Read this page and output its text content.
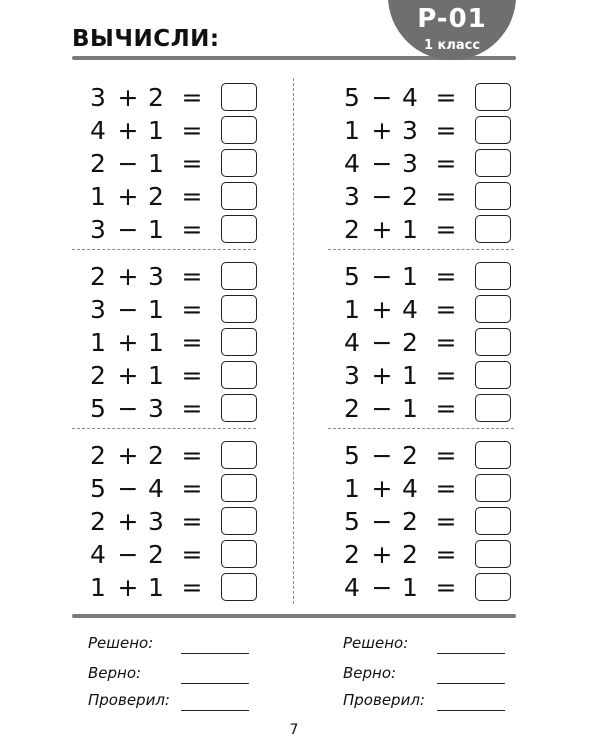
ВЫЧИСЛИ:
P-01
1 класс
3 + 2 =
4 + 1 =
2 − 1 =
1 + 2 =
3 − 1 =
2 + 3 =
3 − 1 =
1 + 1 =
2 + 1 =
5 − 3 =
2 + 2 =
5 − 4 =
2 + 3 =
4 − 2 =
1 + 1 =
5 − 4 =
1 + 3 =
4 − 3 =
3 − 2 =
2 + 1 =
5 − 1 =
1 + 4 =
4 − 2 =
3 + 1 =
2 − 1 =
5 − 2 =
1 + 4 =
5 − 2 =
2 + 2 =
4 − 1 =
Решено:
Верно:
Проверил:
Решено:
Верно:
Проверил:
7
